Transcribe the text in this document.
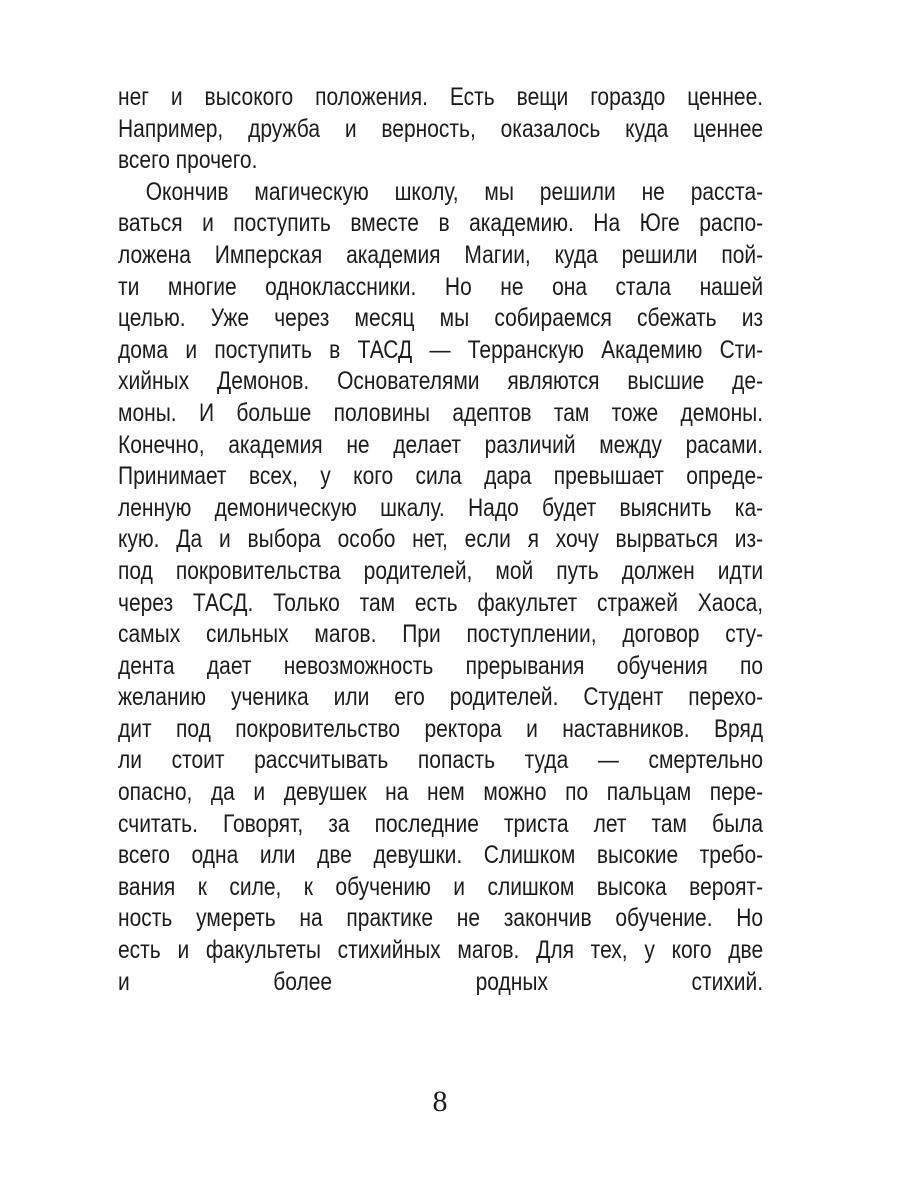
нег и высокого положения. Есть вещи гораздо ценнее.
Например, дружба и верность, оказалось куда ценнее
всего прочего.
Окончив магическую школу, мы решили не расста-
ваться и поступить вместе в академию. На Юге распо-
ложена Имперская академия Магии, куда решили пой-
ти многие одноклассники. Но не она стала нашей
целью. Уже через месяц мы собираемся сбежать из
дома и поступить в ТАСД — Терранскую Академию Сти-
хийных Демонов. Основателями являются высшие де-
моны. И больше половины адептов там тоже демоны.
Конечно, академия не делает различий между расами.
Принимает всех, у кого сила дара превышает опреде-
ленную демоническую шкалу. Надо будет выяснить ка-
кую. Да и выбора особо нет, если я хочу вырваться из-
под покровительства родителей, мой путь должен идти
через ТАСД. Только там есть факультет стражей Хаоса,
самых сильных магов. При поступлении, договор сту-
дента дает невозможность прерывания обучения по
желанию ученика или его родителей. Студент перехо-
дит под покровительство ректора и наставников. Вряд
ли стоит рассчитывать попасть туда — смертельно
опасно, да и девушек на нем можно по пальцам пере-
считать. Говорят, за последние триста лет там была
всего одна или две девушки. Слишком высокие требо-
вания к силе, к обучению и слишком высока вероят-
ность умереть на практике не закончив обучение. Но
есть и факультеты стихийных магов. Для тех, у кого две
и более родных стихий.
8
